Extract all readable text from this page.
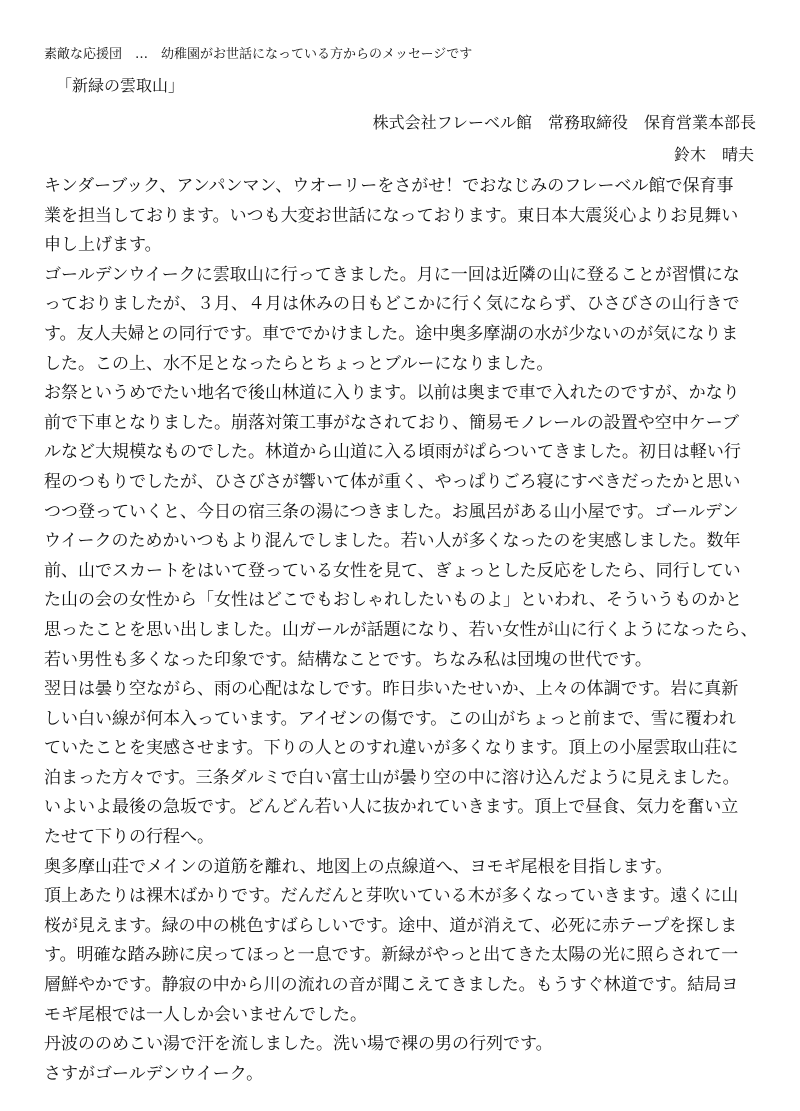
素敵な応援団　…　幼稚園がお世話になっている方からのメッセージです
「新緑の雲取山」
株式会社フレーベル館　常務取締役　保育営業本部長
鈴木　晴夫
キンダーブック、アンパンマン、ウオーリーをさがせ！でおなじみのフレーベル館で保育事
業を担当しております。いつも大変お世話になっております。東日本大震災心よりお見舞い
申し上げます。
ゴールデンウイークに雲取山に行ってきました。月に一回は近隣の山に登ることが習慣にな
っておりましたが、３月、４月は休みの日もどこかに行く気にならず、ひさびさの山行きで
す。友人夫婦との同行です。車ででかけました。途中奥多摩湖の水が少ないのが気になりま
した。この上、水不足となったらとちょっとブルーになりました。
お祭というめでたい地名で後山林道に入ります。以前は奥まで車で入れたのですが、かなり
前で下車となりました。崩落対策工事がなされており、簡易モノレールの設置や空中ケーブ
ルなど大規模なものでした。林道から山道に入る頃雨がぱらついてきました。初日は軽い行
程のつもりでしたが、ひさびさが響いて体が重く、やっぱりごろ寝にすべきだったかと思い
つつ登っていくと、今日の宿三条の湯につきました。お風呂がある山小屋です。ゴールデン
ウイークのためかいつもより混んでしました。若い人が多くなったのを実感しました。数年
前、山でスカートをはいて登っている女性を見て、ぎょっとした反応をしたら、同行してい
た山の会の女性から「女性はどこでもおしゃれしたいものよ」といわれ、そういうものかと
思ったことを思い出しました。山ガールが話題になり、若い女性が山に行くようになったら、
若い男性も多くなった印象です。結構なことです。ちなみ私は団塊の世代です。
翌日は曇り空ながら、雨の心配はなしです。昨日歩いたせいか、上々の体調です。岩に真新
しい白い線が何本入っています。アイゼンの傷です。この山がちょっと前まで、雪に覆われ
ていたことを実感させます。下りの人とのすれ違いが多くなります。頂上の小屋雲取山荘に
泊まった方々です。三条ダルミで白い富士山が曇り空の中に溶け込んだように見えました。
いよいよ最後の急坂です。どんどん若い人に抜かれていきます。頂上で昼食、気力を奮い立
たせて下りの行程へ。
奥多摩山荘でメインの道筋を離れ、地図上の点線道へ、ヨモギ尾根を目指します。
頂上あたりは裸木ばかりです。だんだんと芽吹いている木が多くなっていきます。遠くに山
桜が見えます。緑の中の桃色すばらしいです。途中、道が消えて、必死に赤テープを探しま
す。明確な踏み跡に戻ってほっと一息です。新緑がやっと出てきた太陽の光に照らされて一
層鮮やかです。静寂の中から川の流れの音が聞こえてきました。もうすぐ林道です。結局ヨ
モギ尾根では一人しか会いませんでした。
丹波ののめこい湯で汗を流しました。洗い場で裸の男の行列です。
さすがゴールデンウイーク。
